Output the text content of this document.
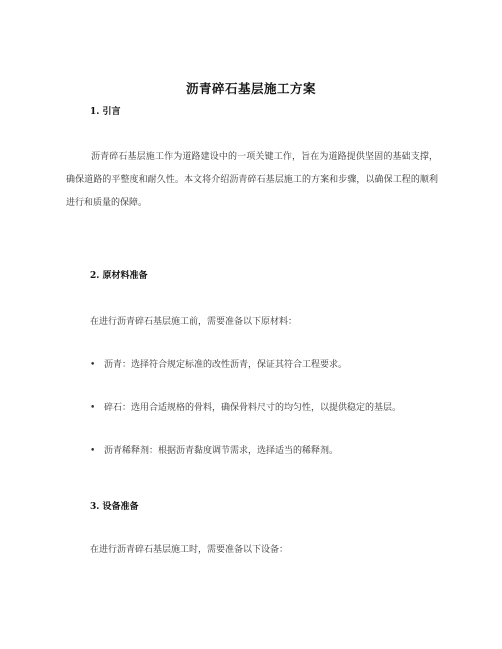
沥青碎石基层施工方案
1. 引言
沥青碎石基层施工作为道路建设中的一项关键工作，旨在为道路提供坚固的基础支撑，确保道路的平整度和耐久性。本文将介绍沥青碎石基层施工的方案和步骤，以确保工程的顺利进行和质量的保障。
2. 原材料准备
在进行沥青碎石基层施工前，需要准备以下原材料：
• 沥青：选择符合规定标准的改性沥青，保证其符合工程要求。
• 碎石：选用合适规格的骨料，确保骨料尺寸的均匀性，以提供稳定的基层。
• 沥青稀释剂：根据沥青黏度调节需求，选择适当的稀释剂。
3. 设备准备
在进行沥青碎石基层施工时，需要准备以下设备：
